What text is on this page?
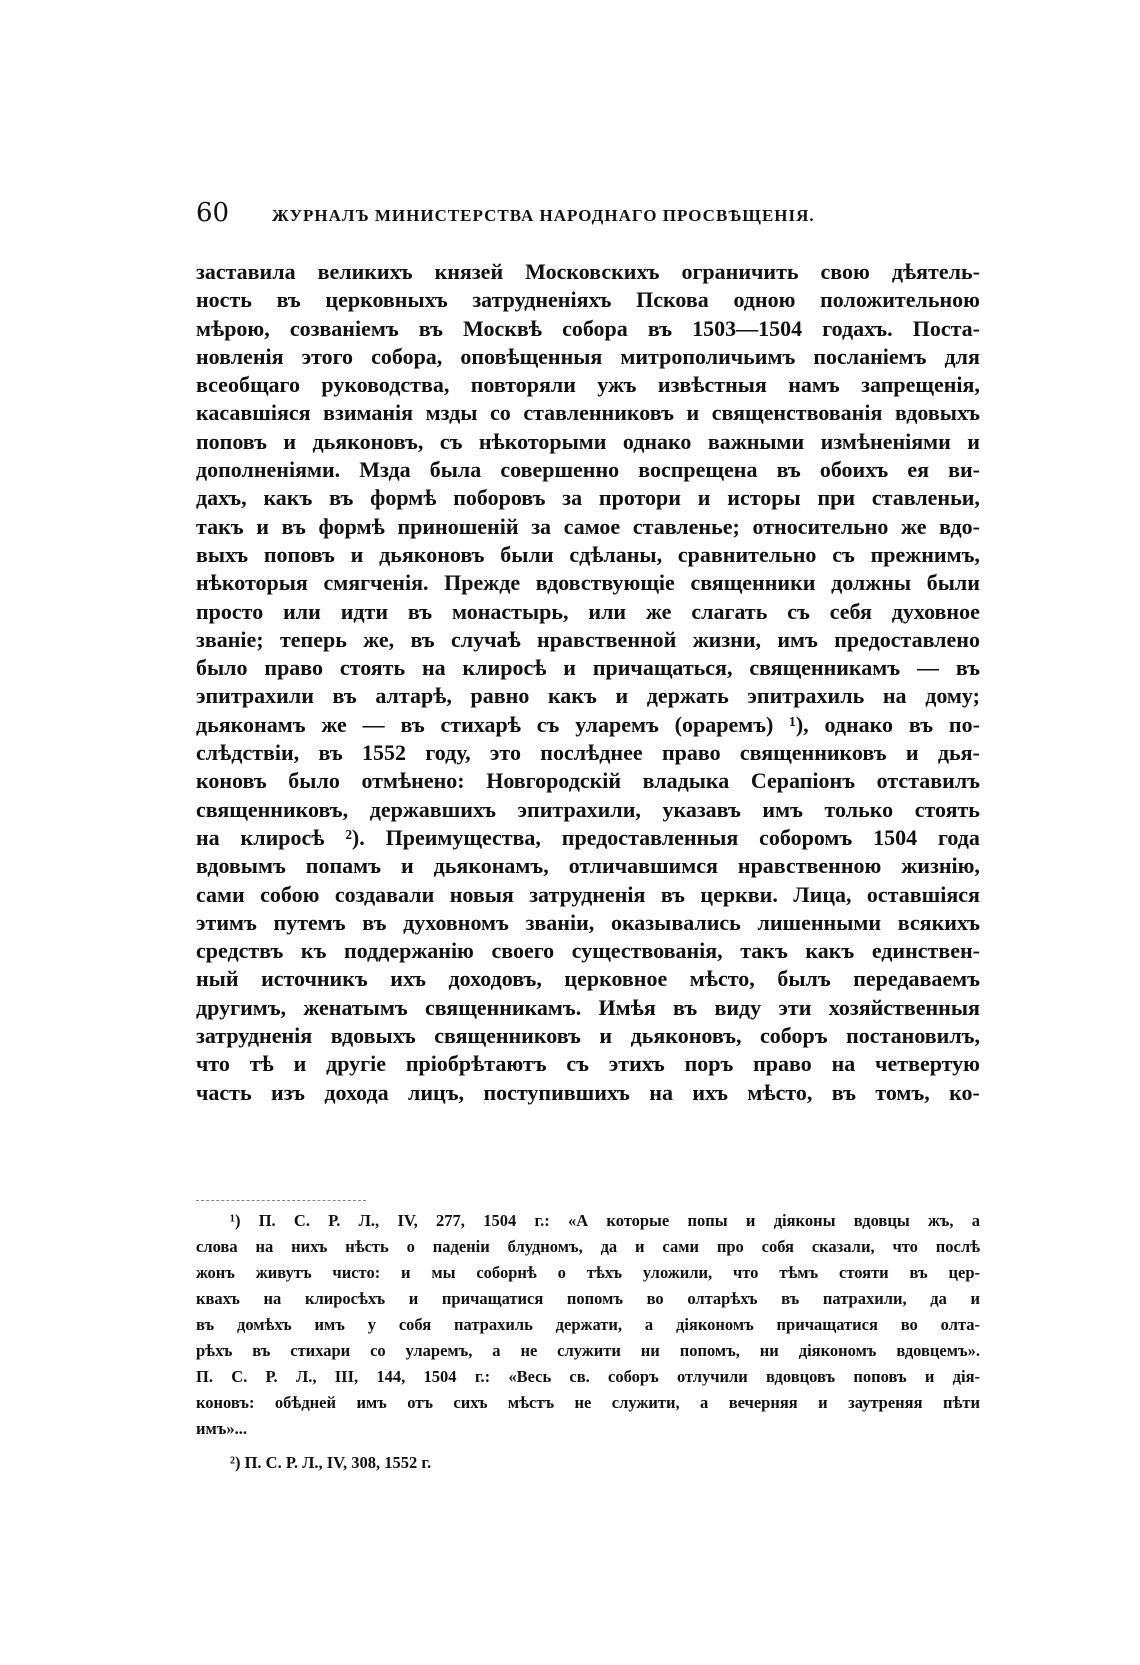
60	ЖУРНАЛЪ МИНИСТЕРСТВА НАРОДНАГО ПРОСВѢЩЕНІЯ.
заставила великихъ князей Московскихъ ограничить свою дѣятель-
ность въ церковныхъ затрудненіяхъ Пскова одною положительною
мѣрою, созваніемъ въ Москвѣ собора въ 1503—1504 годахъ. Поста-
новленія этого собора, оповѣщенныя митрополичьимъ посланіемъ для
всеобщаго руководства, повторяли ужъ извѣстныя намъ запрещенія,
касавшіяся взиманія мзды со ставленниковъ и священствованія вдовыхъ
поповъ и дьяконовъ, съ нѣкоторыми однако важными измѣненіями и
дополненіями. Мзда была совершенно воспрещена въ обоихъ ея ви-
дахъ, какъ въ формѣ поборовъ за протори и исторы при ставленьи,
такъ и въ формѣ приношеній за самое ставленье; относительно же вдо-
выхъ поповъ и дьяконовъ были сдѣланы, сравнительно съ прежнимъ,
нѣкоторыя смягченія. Прежде вдовствующіе священники должны были
просто или идти въ монастырь, или же слагать съ себя духовное
званіе; теперь же, въ случаѣ нравственной жизни, имъ предоставлено
было право стоять на клиросѣ и причащаться, священникамъ — въ
эпитрахили въ алтарѣ, равно какъ и держать эпитрахиль на дому;
дьяконамъ же — въ стихарѣ съ уларемъ (ораремъ) ¹), однако въ по-
слѣдствіи, въ 1552 году, это послѣднее право священниковъ и дья-
коновъ было отмѣнено: Новгородскій владыка Серапіонъ отставилъ
священниковъ, державшихъ эпитрахили, указавъ имъ только стоять
на клиросѣ ²). Преимущества, предоставленныя соборомъ 1504 года
вдовымъ попамъ и дьяконамъ, отличавшимся нравственною жизнію,
сами собою создавали новыя затрудненія въ церкви. Лица, оставшіяся
этимъ путемъ въ духовномъ званіи, оказывались лишенными всякихъ
средствъ къ поддержанію своего существованія, такъ какъ единствен-
ный источникъ ихъ доходовъ, церковное мѣсто, былъ передаваемъ
другимъ, женатымъ священникамъ. Имѣя въ виду эти хозяйственныя
затрудненія вдовыхъ священниковъ и дьяконовъ, соборъ постановилъ,
что тѣ и другіе пріобрѣтаютъ съ этихъ поръ право на четвертую
часть изъ дохода лицъ, поступившихъ на ихъ мѣсто, въ томъ, ко-
¹) П. С. Р. Л., IV, 277, 1504 г.: «А которые попы и діяконы вдовцы жъ, а
слова на нихъ нѣсть о паденіи блудномъ, да и сами про собя сказали, что послѣ
жонъ живутъ чисто: и мы соборнѣ о тѣхъ уложили, что тѣмъ стояти въ цер-
квахъ на клиросѣхъ и причащатися попомъ во олтарѣхъ въ патрахили, да и
въ домѣхъ имъ у собя патрахиль держати, а діякономъ причащатися во олта-
рѣхъ въ стихари со уларемъ, а не служити ни попомъ, ни діякономъ вдовцемъ».
П. С. Р. Л., III, 144, 1504 г.: «Весь св. соборъ отлучили вдовцовъ поповъ и дія-
коновъ: обѣдней имъ отъ сихъ мѣстъ не служити, а вечерняя и заутреняя пѣти
имъ»...
²) П. С. Р. Л., IV, 308, 1552 г.
